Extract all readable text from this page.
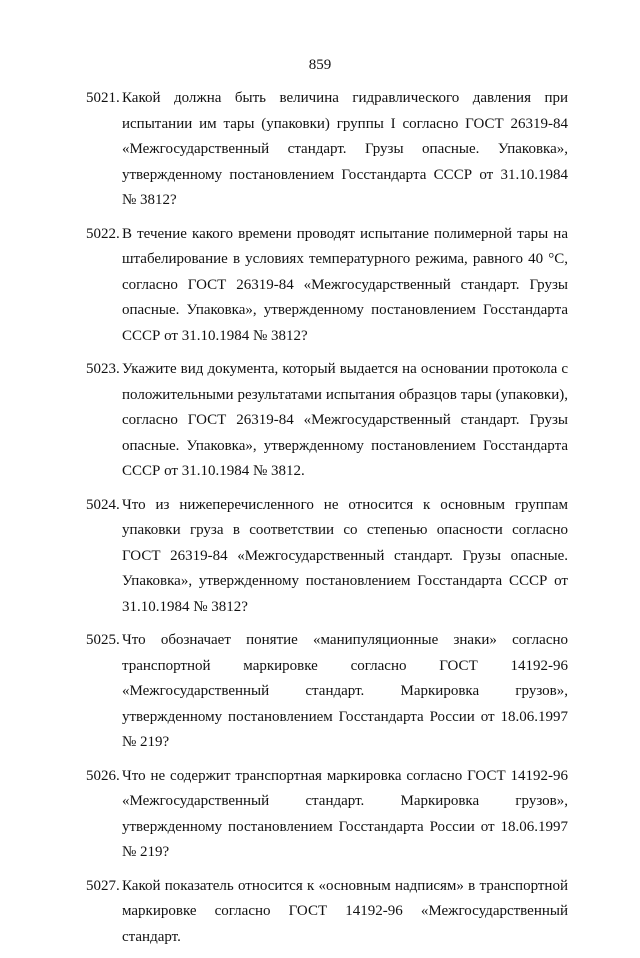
859
5021. Какой должна быть величина гидравлического давления при испытании им тары (упаковки) группы I согласно ГОСТ 26319-84 «Межгосударственный стандарт. Грузы опасные. Упаковка», утвержденному постановлением Госстандарта СССР от 31.10.1984 № 3812?
5022. В течение какого времени проводят испытание полимерной тары на штабелирование в условиях температурного режима, равного 40 °С, согласно ГОСТ 26319-84 «Межгосударственный стандарт. Грузы опасные. Упаковка», утвержденному постановлением Госстандарта СССР от 31.10.1984 № 3812?
5023. Укажите вид документа, который выдается на основании протокола с положительными результатами испытания образцов тары (упаковки), согласно ГОСТ 26319-84 «Межгосударственный стандарт. Грузы опасные. Упаковка», утвержденному постановлением Госстандарта СССР от 31.10.1984 № 3812.
5024. Что из нижеперечисленного не относится к основным группам упаковки груза в соответствии со степенью опасности согласно ГОСТ 26319-84 «Межгосударственный стандарт. Грузы опасные. Упаковка», утвержденному постановлением Госстандарта СССР от 31.10.1984 № 3812?
5025. Что обозначает понятие «манипуляционные знаки» согласно транспортной маркировке согласно ГОСТ 14192-96 «Межгосударственный стандарт. Маркировка грузов», утвержденному постановлением Госстандарта России от 18.06.1997 № 219?
5026. Что не содержит транспортная маркировка согласно ГОСТ 14192-96 «Межгосударственный стандарт. Маркировка грузов», утвержденному постановлением Госстандарта России от 18.06.1997 № 219?
5027. Какой показатель относится к «основным надписям» в транспортной маркировке согласно ГОСТ 14192-96 «Межгосударственный стандарт.
